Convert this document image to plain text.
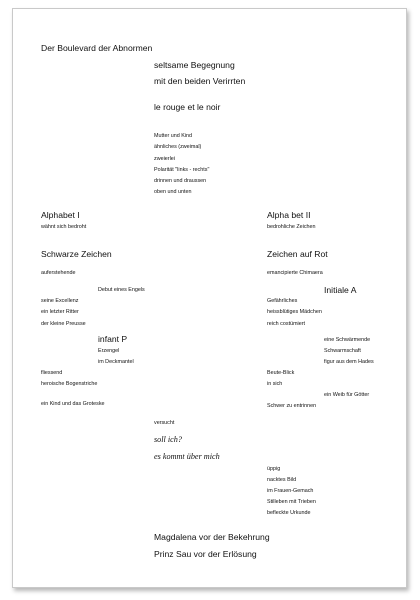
Der Boulevard der Abnormen
seltsame Begegnung
mit den beiden Verirrten
le rouge et le noir
Mutter und Kind
ähnliches (zweimal)
zweierlei
Polarität "links - rechts"
drinnen und draussen
oben und unten
Alphabet I
wähnt sich bedroht
Schwarze Zeichen
auferstehende
Debut eines Engels
seine Excellenz
ein letzter Ritter
der kleine Preusse
infant P
Erzengel
im Deckmantel
fliessend
heroische Bogenstriche
ein Kind und das Groteske
Alpha bet II
bedrohliche Zeichen
Zeichen auf Rot
emancipierte Chimaera
Initiale A
Gefährliches
heissblütiges Mädchen
reich costümiert
eine Schwärmende
Schwarmschaft
figur aus dem Hades
Beute-Blick
in sich
ein Weib für Götter
Schwer zu entrinnen
versucht
soll ich?
es kommt über mich
üppig
nacktes Bild
im Frauen-Gemach
Stilleben mit Trieben
befleckte Urkunde
Magdalena vor der Bekehrung
Prinz Sau vor der Erlösung
